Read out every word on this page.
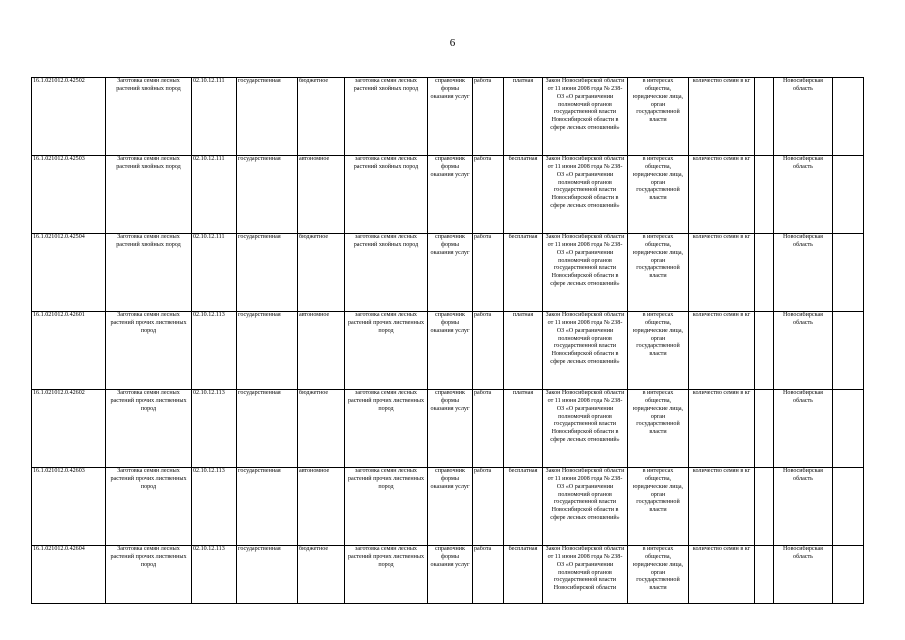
6
16.1.021012.0.42502	Заготовка семян лесных растений хвойных пород	02.10.12.111	государственная	бюджетное	заготовка семян лесных растений хвойных пород	справочник формы оказания услуг	работа	платная	Закон Новосибирской области от 11 июня 2008 года № 238-ОЗ «О разграничении полномочий органов государственной власти Новосибирской области в сфере лесных отношений»	в интересах общества, юридические лица, орган государственной власти	количество семян в кг		Новосибирская область	
16.1.021012.0.42503	Заготовка семян лесных растений хвойных пород	02.10.12.111	государственная	автономное	заготовка семян лесных растений хвойных пород	справочник формы оказания услуг	работа	бесплатная	Закон Новосибирской области от 11 июня 2008 года № 238-ОЗ «О разграничении полномочий органов государственной власти Новосибирской области в сфере лесных отношений»	в интересах общества, юридические лица, орган государственной власти	количество семян в кг		Новосибирская область	
16.1.021012.0.42504	Заготовка семян лесных растений хвойных пород	02.10.12.111	государственная	бюджетное	заготовка семян лесных растений хвойных пород	справочник формы оказания услуг	работа	бесплатная	Закон Новосибирской области от 11 июня 2008 года № 238-ОЗ «О разграничении полномочий органов государственной власти Новосибирской области в сфере лесных отношений»	в интересах общества, юридические лица, орган государственной власти	количество семян в кг		Новосибирская область	
16.1.021012.0.42601	Заготовка семян лесных растений прочих лиственных пород	02.10.12.113	государственная	автономное	заготовка семян лесных растений прочих лиственных пород	справочник формы оказания услуг	работа	платная	Закон Новосибирской области от 11 июня 2008 года № 238-ОЗ «О разграничении полномочий органов государственной власти Новосибирской области в сфере лесных отношений»	в интересах общества, юридические лица, орган государственной власти	количество семян в кг		Новосибирская область	
16.1.021012.0.42602	Заготовка семян лесных растений прочих лиственных пород	02.10.12.113	государственная	бюджетное	заготовка семян лесных растений прочих лиственных пород	справочник формы оказания услуг	работа	платная	Закон Новосибирской области от 11 июня 2008 года № 238-ОЗ «О разграничении полномочий органов государственной власти Новосибирской области в сфере лесных отношений»	в интересах общества, юридические лица, орган государственной власти	количество семян в кг		Новосибирская область	
16.1.021012.0.42603	Заготовка семян лесных растений прочих лиственных пород	02.10.12.113	государственная	автономное	заготовка семян лесных растений прочих лиственных пород	справочник формы оказания услуг	работа	бесплатная	Закон Новосибирской области от 11 июня 2008 года № 238-ОЗ «О разграничении полномочий органов государственной власти Новосибирской области в сфере лесных отношений»	в интересах общества, юридические лица, орган государственной власти	количество семян в кг		Новосибирская область	
16.1.021012.0.42604	Заготовка семян лесных растений прочих лиственных пород	02.10.12.113	государственная	бюджетное	заготовка семян лесных растений прочих лиственных пород	справочник формы оказания услуг	работа	бесплатная	Закон Новосибирской области от 11 июня 2008 года № 238-ОЗ «О разграничении полномочий органов государственной власти Новосибирской области	в интересах общества, юридические лица, орган государственной власти	количество семян в кг		Новосибирская область	
